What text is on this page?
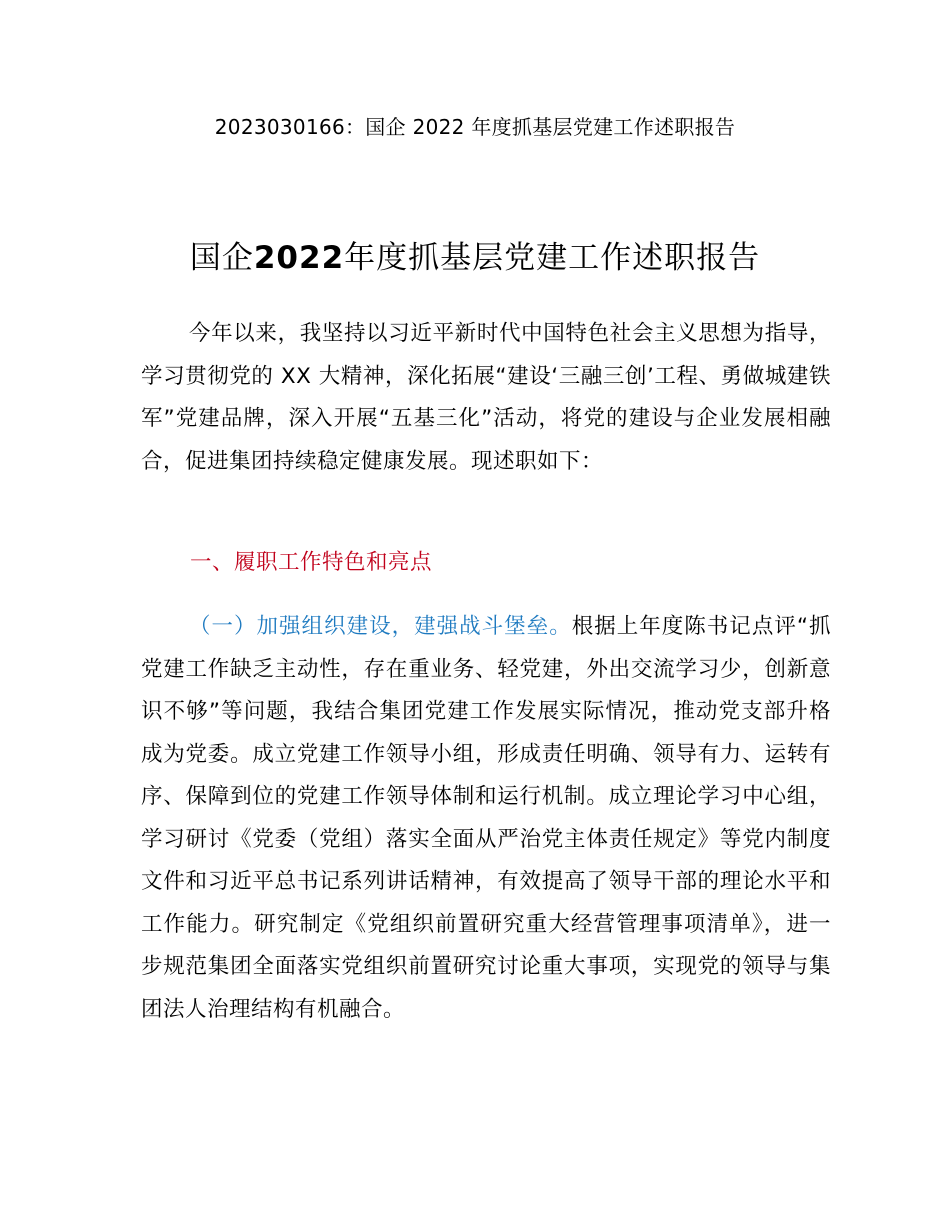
2023030166：国企 2022 年度抓基层党建工作述职报告
国企2022年度抓基层党建工作述职报告
今年以来，我坚持以习近平新时代中国特色社会主义思想为指导，学习贯彻党的 XX 大精神，深化拓展“建设‘三融三创’工程、勇做城建铁军”党建品牌，深入开展“五基三化”活动，将党的建设与企业发展相融合，促进集团持续稳定健康发展。现述职如下：
一、履职工作特色和亮点
（一）加强组织建设，建强战斗堡垒。根据上年度陈书记点评“抓党建工作缺乏主动性，存在重业务、轻党建，外出交流学习少，创新意识不够”等问题，我结合集团党建工作发展实际情况，推动党支部升格成为党委。成立党建工作领导小组，形成责任明确、领导有力、运转有序、保障到位的党建工作领导体制和运行机制。成立理论学习中心组，学习研讨《党委（党组）落实全面从严治党主体责任规定》等党内制度文件和习近平总书记系列讲话精神，有效提高了领导干部的理论水平和工作能力。研究制定《党组织前置研究重大经营管理事项清单》，进一步规范集团全面落实党组织前置研究讨论重大事项，实现党的领导与集团法人治理结构有机融合。
